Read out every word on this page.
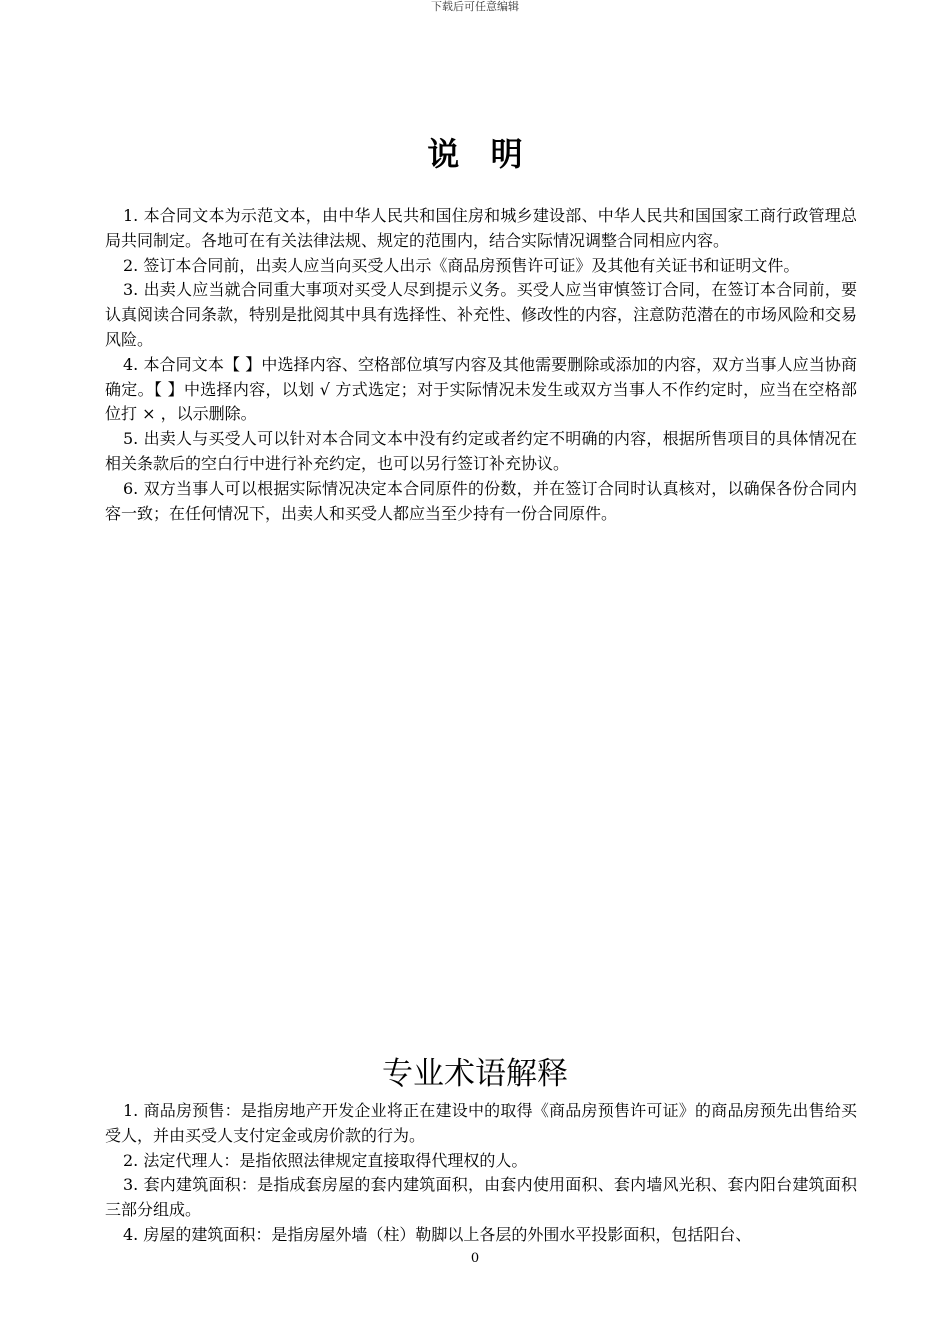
下载后可任意编辑
说 明

1. 本合同文本为示范文本，由中华人民共和国住房和城乡建设部、中华人民共和国国家工商行政管理总局共同制定。各地可在有关法律法规、规定的范围内，结合实际情况调整合同相应内容。

2. 签订本合同前，出卖人应当向买受人出示《商品房预售许可证》及其他有关证书和证明文件。

3. 出卖人应当就合同重大事项对买受人尽到提示义务。买受人应当审慎签订合同，在签订本合同前，要认真阅读合同条款，特别是批阅其中具有选择性、补充性、修改性的内容，注意防范潜在的市场风险和交易风险。

4. 本合同文本【 】中选择内容、空格部位填写内容及其他需要删除或添加的内容，双方当事人应当协商确定。【 】中选择内容，以划 √ 方式选定；对于实际情况未发生或双方当事人不作约定时，应当在空格部位打 × ，以示删除。

5. 出卖人与买受人可以针对本合同文本中没有约定或者约定不明确的内容，根据所售项目的具体情况在相关条款后的空白行中进行补充约定，也可以另行签订补充协议。

6. 双方当事人可以根据实际情况决定本合同原件的份数，并在签订合同时认真核对，以确保各份合同内容一致；在任何情况下，出卖人和买受人都应当至少持有一份合同原件。

专业术语解释

1. 商品房预售：是指房地产开发企业将正在建设中的取得《商品房预售许可证》的商品房预先出售给买受人，并由买受人支付定金或房价款的行为。

2. 法定代理人：是指依照法律规定直接取得代理权的人。

3. 套内建筑面积：是指成套房屋的套内建筑面积，由套内使用面积、套内墙风光积、套内阳台建筑面积三部分组成。

4. 房屋的建筑面积：是指房屋外墙（柱）勒脚以上各层的外围水平投影面积，包括阳台、

0
